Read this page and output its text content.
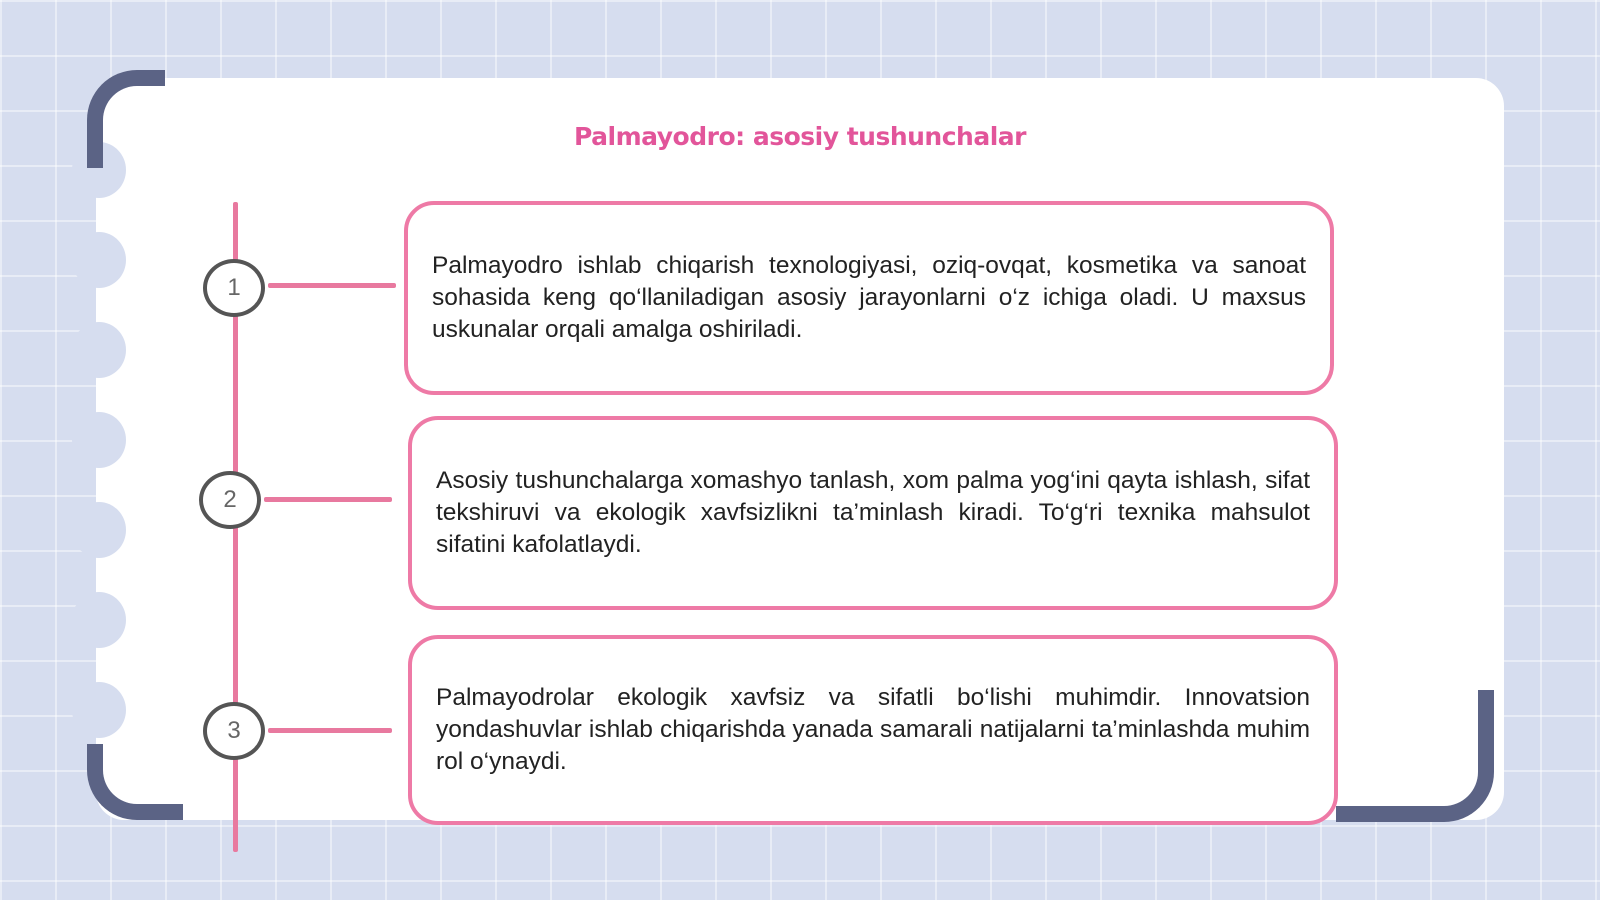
Palmayodro: asosiy tushunchalar
1
2
3

Palmayodro ishlab chiqarish texnologiyasi, oziq-ovqat, kosmetika va sanoat sohasida keng qo‘llaniladigan asosiy jarayonlarni o‘z ichiga oladi. U maxsus uskunalar orqali amalga oshiriladi.

Asosiy tushunchalarga xomashyo tanlash, xom palma yog‘ini qayta ishlash, sifat tekshiruvi va ekologik xavfsizlikni ta’minlash kiradi. To‘g‘ri texnika mahsulot sifatini kafolatlaydi.

Palmayodrolar ekologik xavfsiz va sifatli bo‘lishi muhimdir. Innovatsion yondashuvlar ishlab chiqarishda yanada samarali natijalarni ta’minlashda muhim rol o‘ynaydi.
